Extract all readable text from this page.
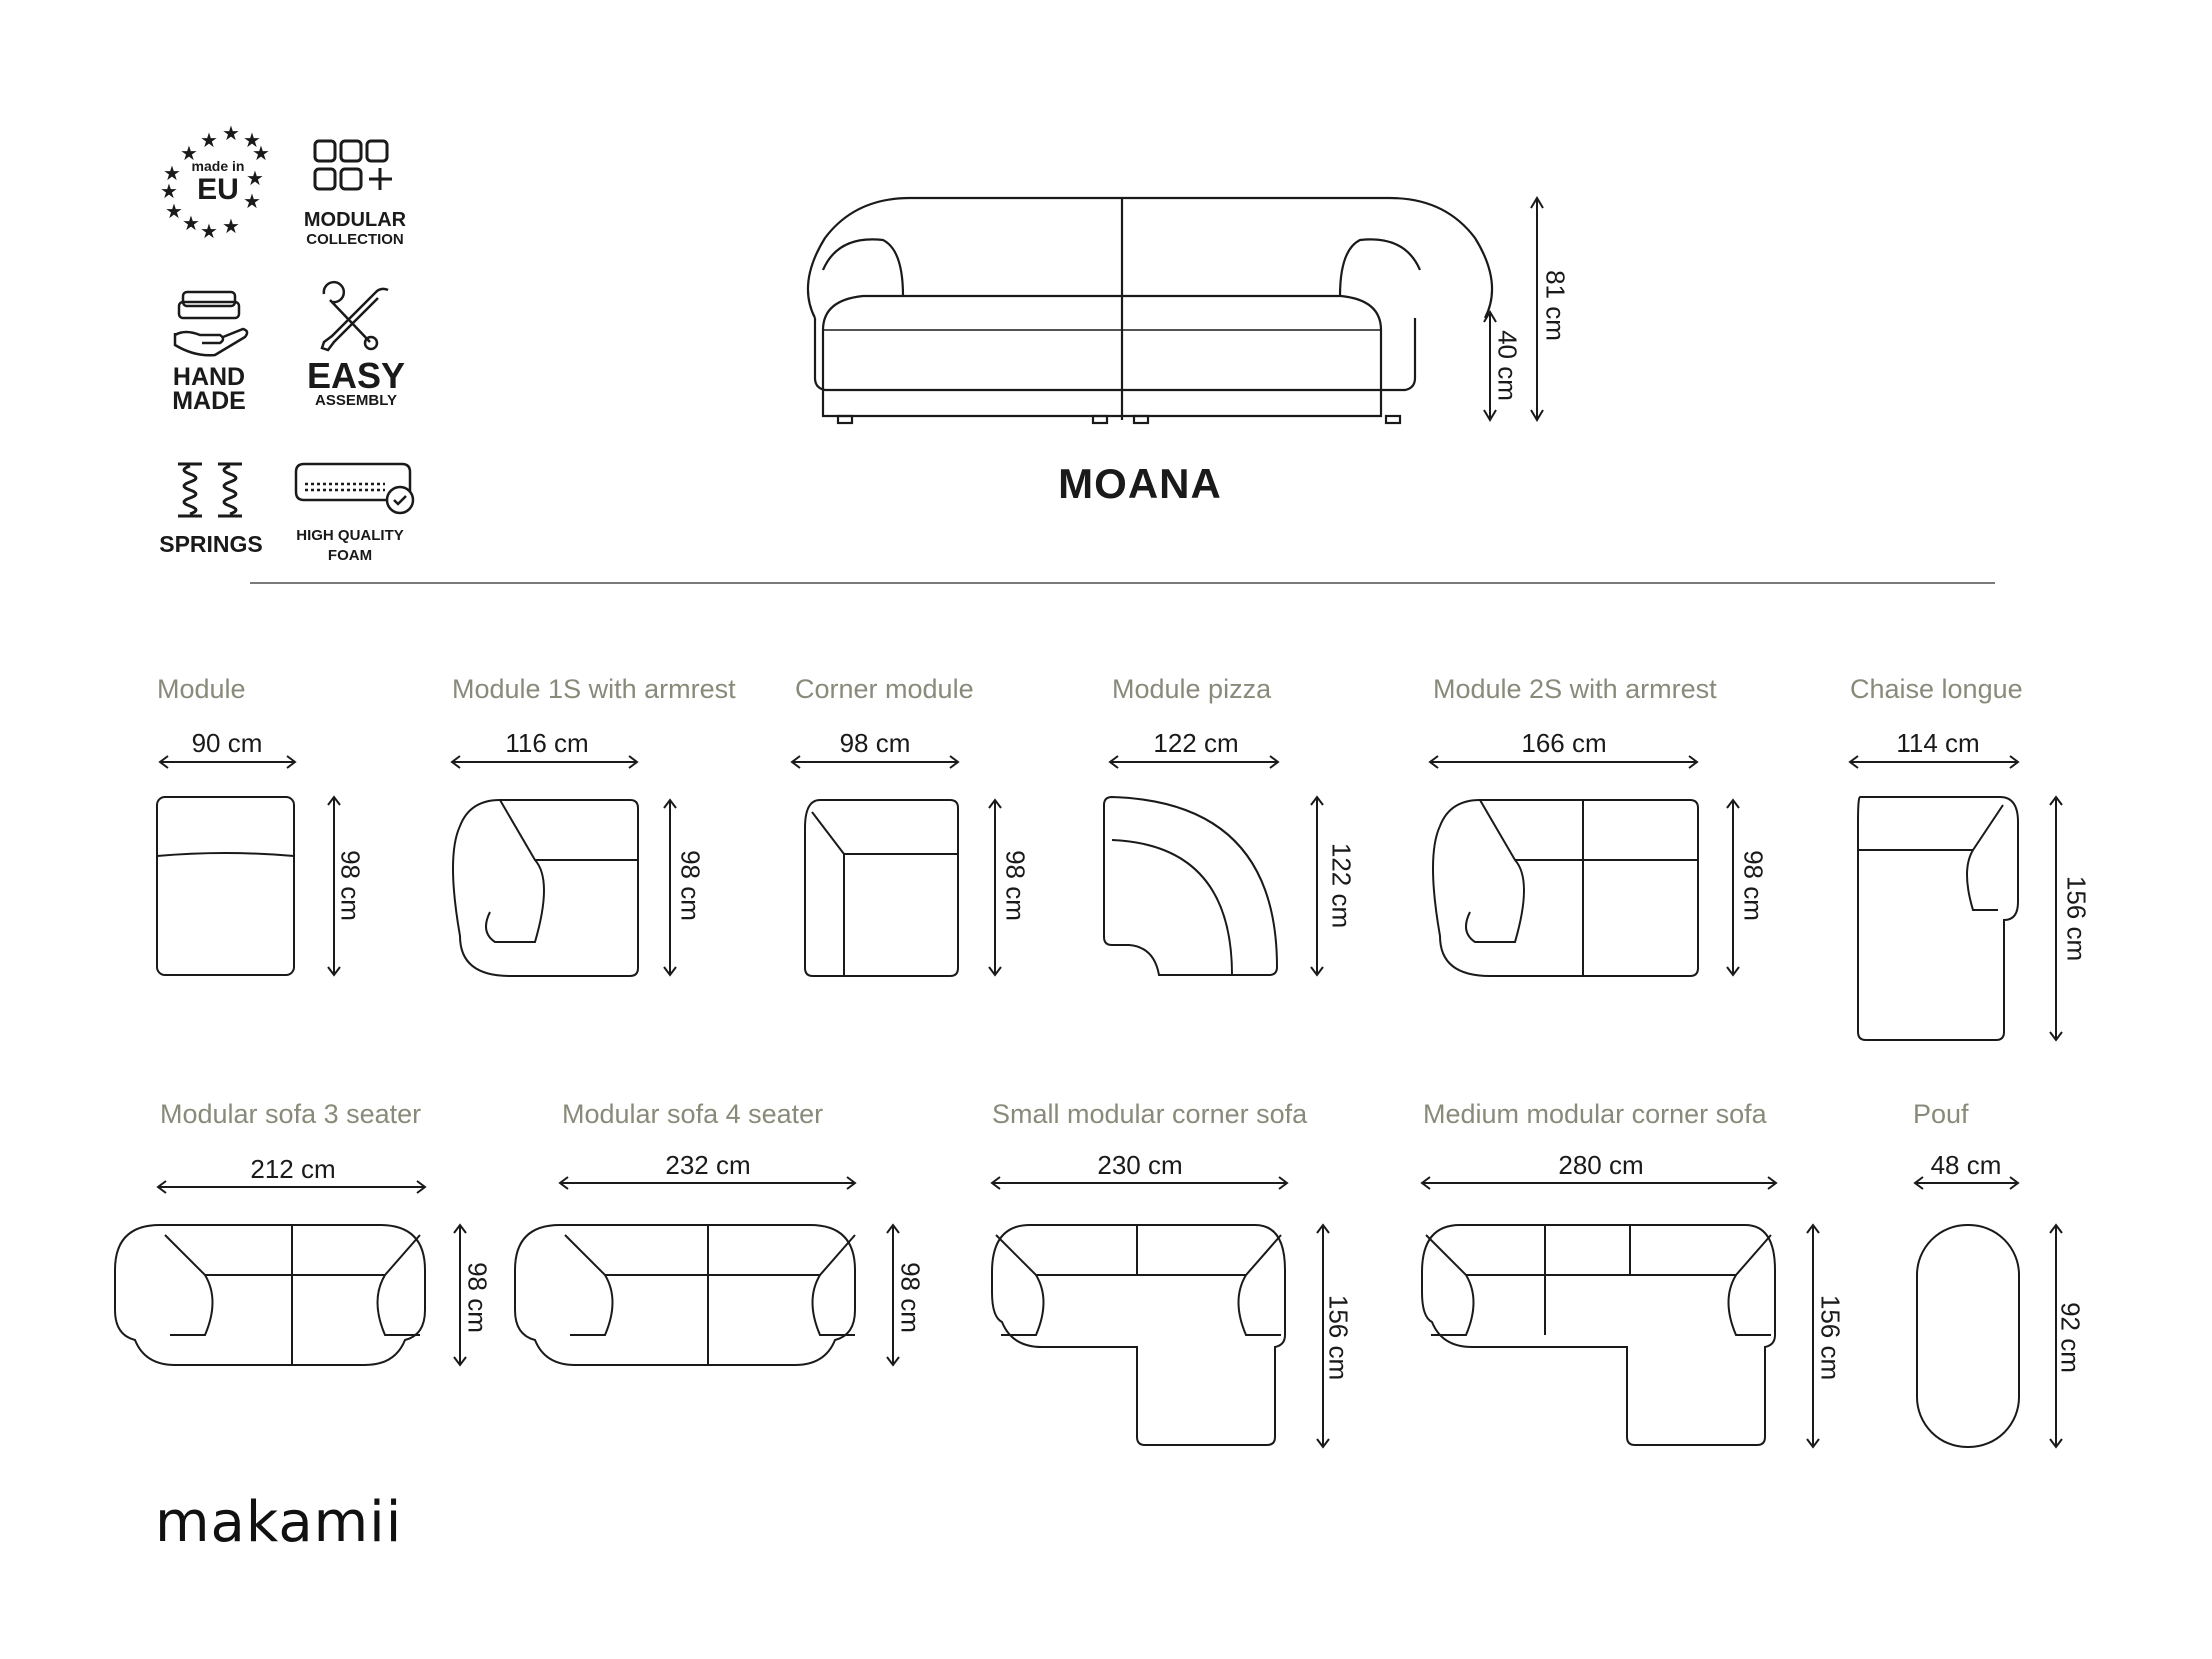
★ ★
★
★
★
★
★
★
★	★
★ ★ ★
made in
EU
MODULAR
COLLECTION
HAND
MADE
EASY
ASSEMBLY
SPRINGS	HIGH QUALITY
FOAM
MOANA
81 cm
40 cm
Module
90 cm
98 cm
Module 1S with armrest
116 cm
98 cm
Corner module
98 cm
98 cm
Module pizza
122 cm
122 cm
Module 2S with armrest
166 cm
98 cm
Chaise longue
114 cm
156 cm
Modular sofa 3 seater
212 cm
98 cm
Modular sofa 4 seater
232 cm
98 cm
Small modular corner sofa
230 cm
156 cm
Medium modular corner sofa
280 cm
156 cm
Pouf
48 cm
92 cm
makamii
